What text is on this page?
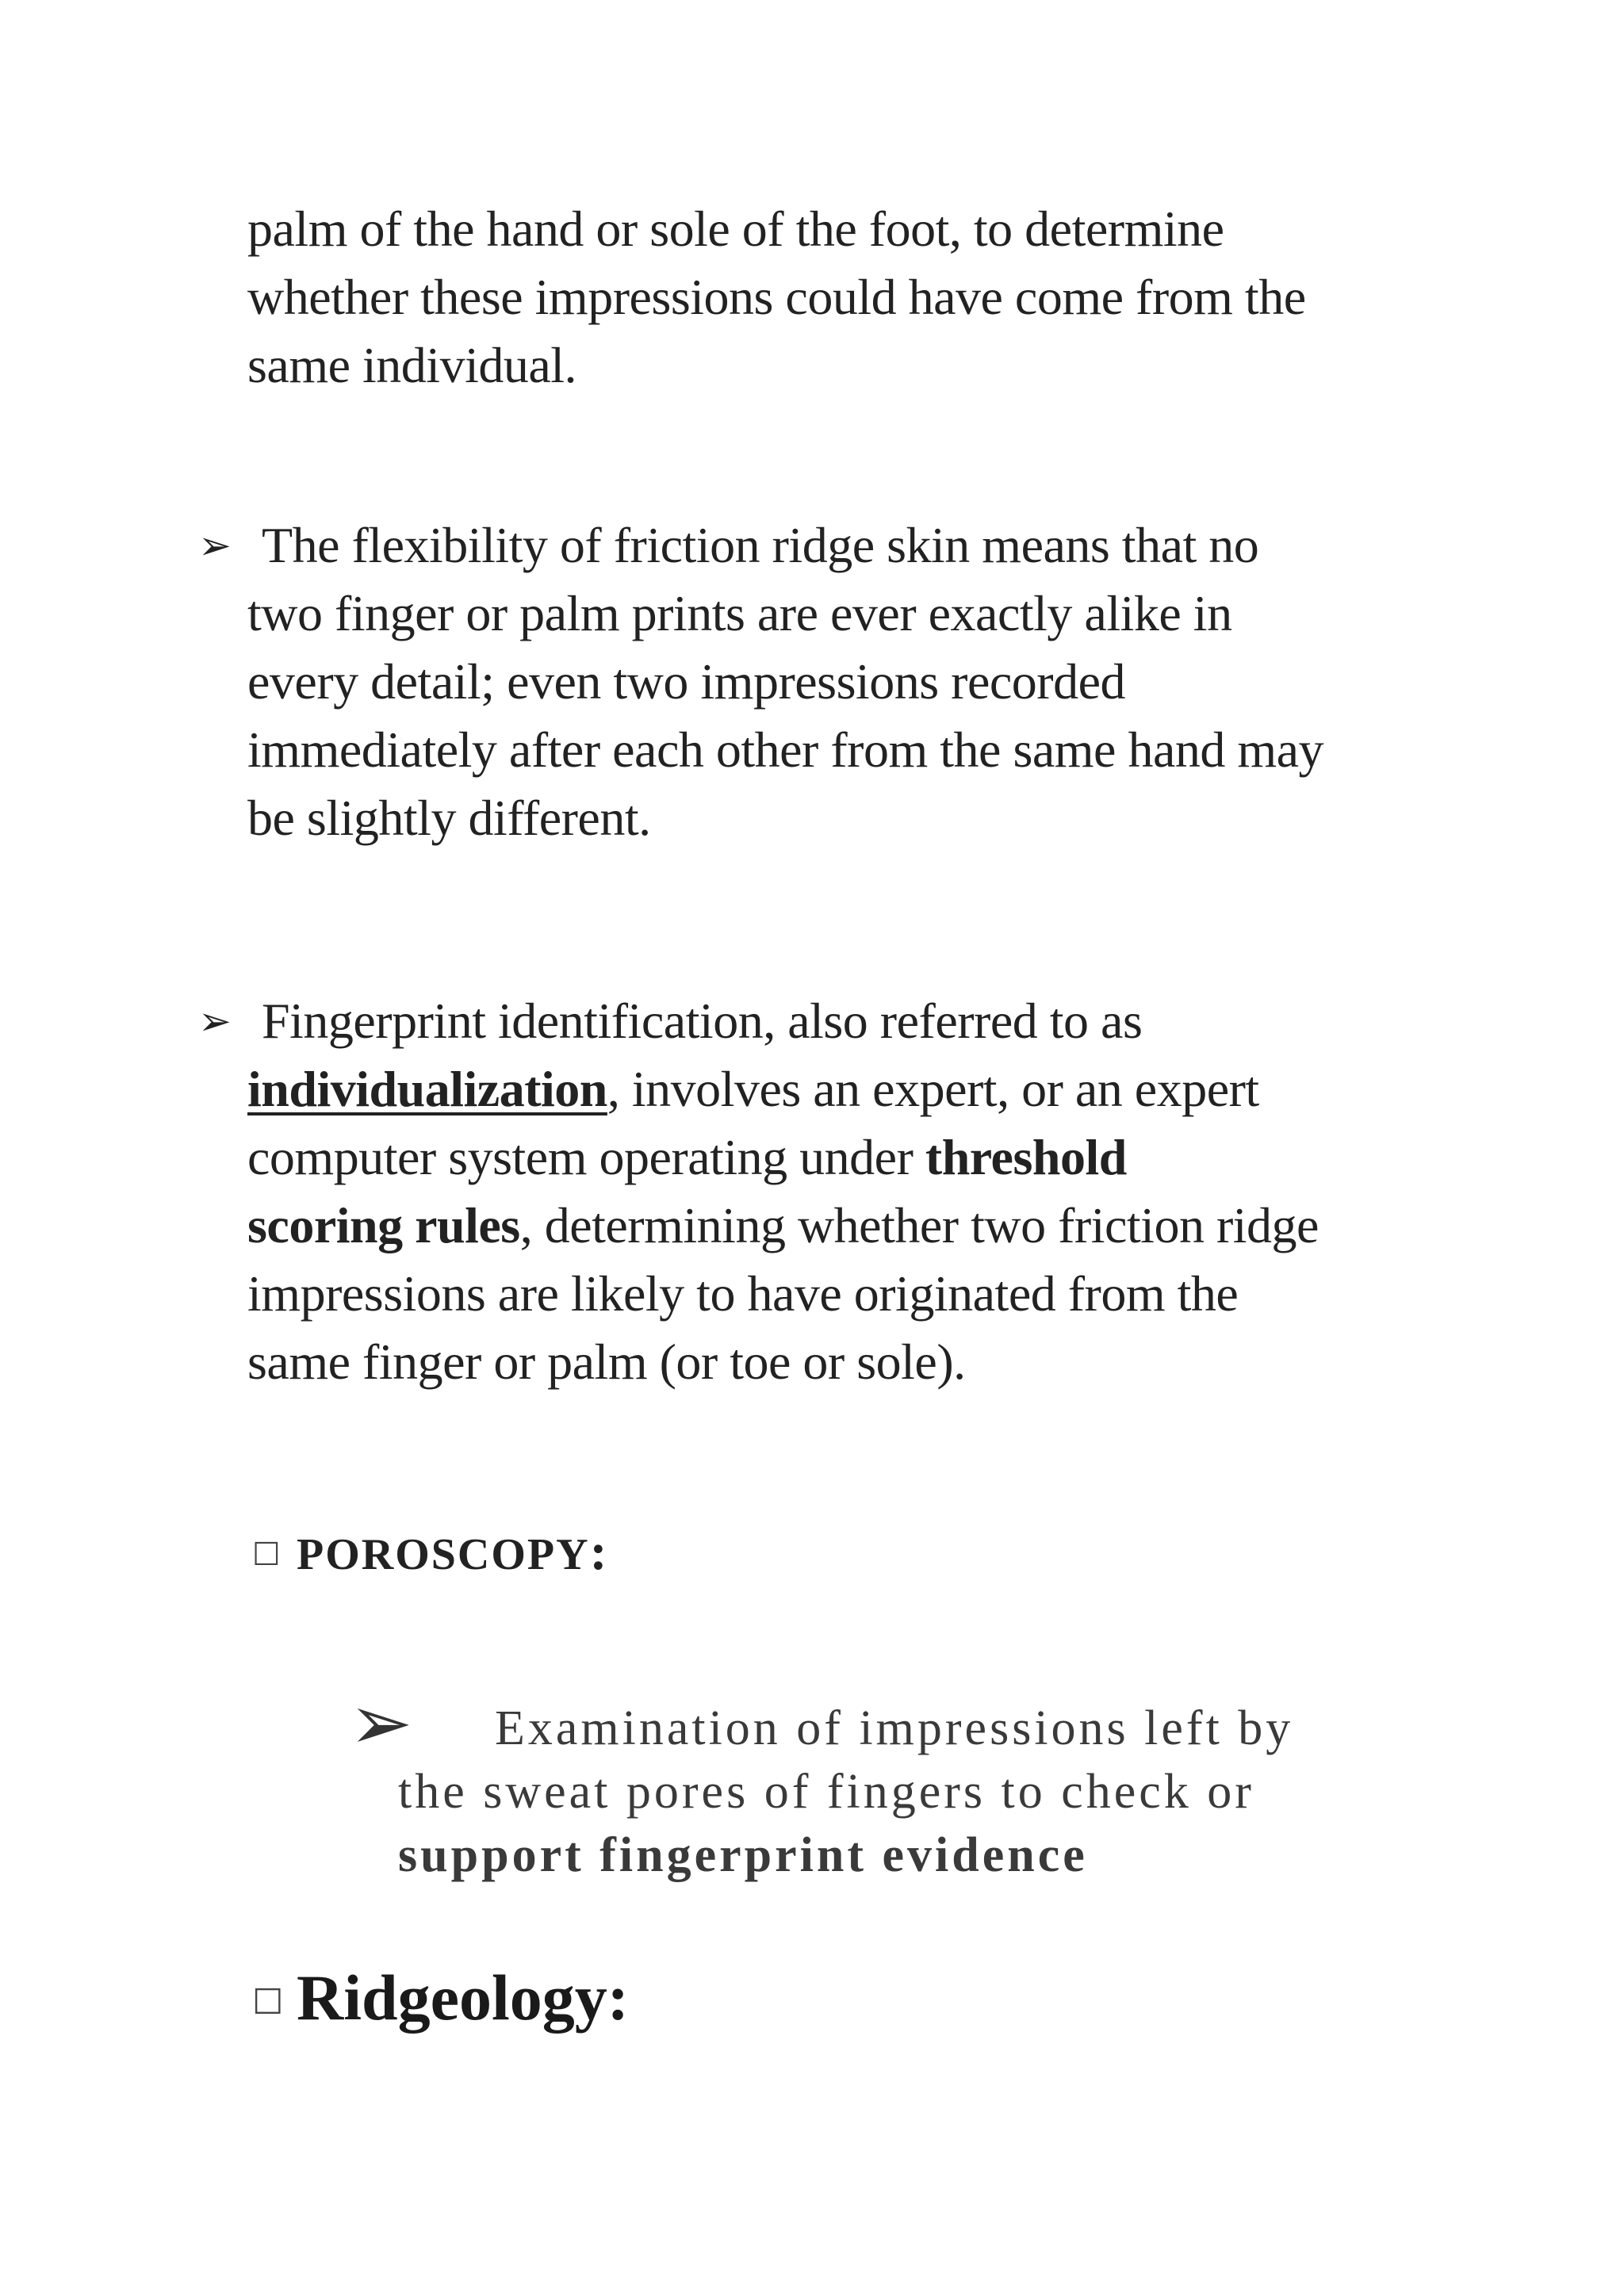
palm of the hand or sole of the foot, to determine

whether these impressions could have come from the

same individual.

➢ The flexibility of friction ridge skin means that no

two finger or palm prints are ever exactly alike in

every detail; even two impressions recorded

immediately after each other from the same hand may

be slightly different.

➢ Fingerprint identification, also referred to as

individualization, involves an expert, or an expert

computer system operating under threshold

scoring rules, determining whether two friction ridge

impressions are likely to have originated from the

same finger or palm (or toe or sole).

☐ POROSCOPY:
➢	Examination of impressions left by

the sweat pores of fingers to check or

support fingerprint evidence

☐ Ridgeology:
